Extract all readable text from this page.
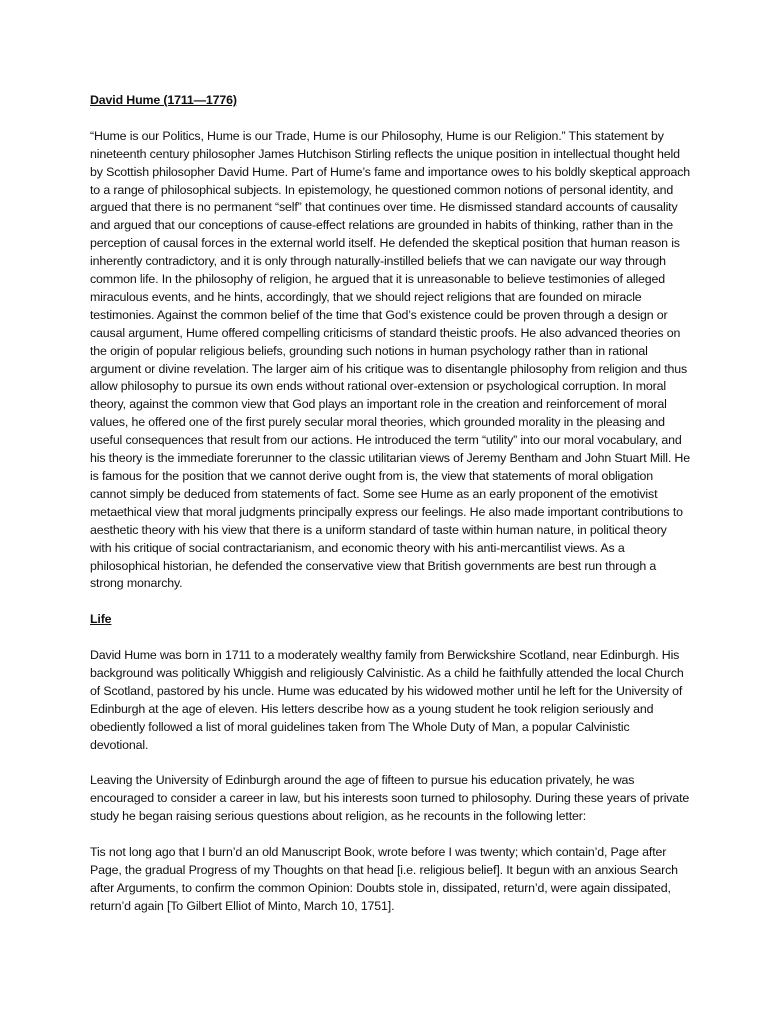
David Hume (1711—1776)

“Hume is our Politics, Hume is our Trade, Hume is our Philosophy, Hume is our Religion.” This statement by nineteenth century philosopher James Hutchison Stirling reflects the unique position in intellectual thought held by Scottish philosopher David Hume. Part of Hume’s fame and importance owes to his boldly skeptical approach to a range of philosophical subjects. In epistemology, he questioned common notions of personal identity, and argued that there is no permanent “self” that continues over time. He dismissed standard accounts of causality and argued that our conceptions of cause-effect relations are grounded in habits of thinking, rather than in the perception of causal forces in the external world itself. He defended the skeptical position that human reason is inherently contradictory, and it is only through naturally-instilled beliefs that we can navigate our way through common life. In the philosophy of religion, he argued that it is unreasonable to believe testimonies of alleged miraculous events, and he hints, accordingly, that we should reject religions that are founded on miracle testimonies. Against the common belief of the time that God’s existence could be proven through a design or causal argument, Hume offered compelling criticisms of standard theistic proofs. He also advanced theories on the origin of popular religious beliefs, grounding such notions in human psychology rather than in rational argument or divine revelation. The larger aim of his critique was to disentangle philosophy from religion and thus allow philosophy to pursue its own ends without rational over-extension or psychological corruption. In moral theory, against the common view that God plays an important role in the creation and reinforcement of moral values, he offered one of the first purely secular moral theories, which grounded morality in the pleasing and useful consequences that result from our actions. He introduced the term “utility” into our moral vocabulary, and his theory is the immediate forerunner to the classic utilitarian views of Jeremy Bentham and John Stuart Mill. He is famous for the position that we cannot derive ought from is, the view that statements of moral obligation cannot simply be deduced from statements of fact. Some see Hume as an early proponent of the emotivist metaethical view that moral judgments principally express our feelings. He also made important contributions to aesthetic theory with his view that there is a uniform standard of taste within human nature, in political theory with his critique of social contractarianism, and economic theory with his anti-mercantilist views. As a philosophical historian, he defended the conservative view that British governments are best run through a strong monarchy.

Life

David Hume was born in 1711 to a moderately wealthy family from Berwickshire Scotland, near Edinburgh. His background was politically Whiggish and religiously Calvinistic. As a child he faithfully attended the local Church of Scotland, pastored by his uncle. Hume was educated by his widowed mother until he left for the University of Edinburgh at the age of eleven. His letters describe how as a young student he took religion seriously and obediently followed a list of moral guidelines taken from The Whole Duty of Man, a popular Calvinistic devotional.

Leaving the University of Edinburgh around the age of fifteen to pursue his education privately, he was encouraged to consider a career in law, but his interests soon turned to philosophy. During these years of private study he began raising serious questions about religion, as he recounts in the following letter:

Tis not long ago that I burn’d an old Manuscript Book, wrote before I was twenty; which contain’d, Page after Page, the gradual Progress of my Thoughts on that head [i.e. religious belief]. It begun with an anxious Search after Arguments, to confirm the common Opinion: Doubts stole in, dissipated, return’d, were again dissipated, return’d again [To Gilbert Elliot of Minto, March 10, 1751].
